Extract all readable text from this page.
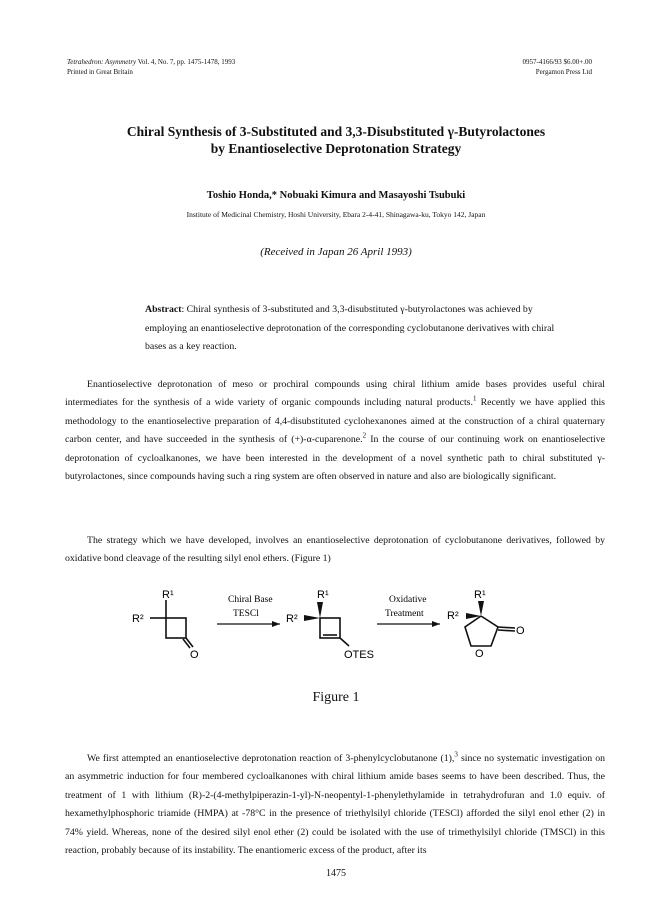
Tetrahedron: Asymmetry Vol. 4, No. 7, pp. 1475-1478, 1993
Printed in Great Britain
0957-4166/93 $6.00+.00
Pergamon Press Ltd
Chiral Synthesis of 3-Substituted and 3,3-Disubstituted γ-Butyrolactones
by Enantioselective Deprotonation Strategy
Toshio Honda,* Nobuaki Kimura and Masayoshi Tsubuki
Institute of Medicinal Chemistry, Hoshi University, Ebara 2-4-41, Shinagawa-ku, Tokyo 142, Japan
(Received in Japan 26 April 1993)
Abstract: Chiral synthesis of 3-substituted and 3,3-disubstituted γ-butyrolactones was achieved by employing an enantioselective deprotonation of the corresponding cyclobutanone derivatives with chiral bases as a key reaction.
Enantioselective deprotonation of meso or prochiral compounds using chiral lithium amide bases provides useful chiral intermediates for the synthesis of a wide variety of organic compounds including natural products.$^1$ Recently we have applied this methodology to the enantioselective preparation of 4,4-disubstituted cyclohexanones aimed at the construction of a chiral quaternary carbon center, and have succeeded in the synthesis of (+)-α-cuparenone.$^2$ In the course of our continuing work on enantioselective deprotonation of cycloalkanones, we have been interested in the development of a novel synthetic path to chiral substituted γ-butyrolactones, since compounds having such a ring system are often observed in nature and also are biologically significant.
The strategy which we have developed, involves an enantioselective deprotonation of cyclobutanone derivatives, followed by oxidative bond cleavage of the resulting silyl enol ethers. (Figure 1)
R¹
R²
O
Chiral Base
TESCl
R¹
R²
OTES
Oxidative
Treatment
R¹
R²
O
O
Figure 1
We first attempted an enantioselective deprotonation reaction of 3-phenylcyclobutanone (1),$^3$ since no systematic investigation on an asymmetric induction for four membered cycloalkanones with chiral lithium amide bases seems to have been described. Thus, the treatment of 1 with lithium (R)-2-(4-methylpiperazin-1-yl)-N-neopentyl-1-phenylethylamide in tetrahydrofuran and 1.0 equiv. of hexamethylphosphoric triamide (HMPA) at -78°C in the presence of triethylsilyl chloride (TESCl) afforded the silyl enol ether (2) in 74% yield. Whereas, none of the desired silyl enol ether (2) could be isolated with the use of trimethylsilyl chloride (TMSCl) in this reaction, probably because of its instability. The enantiomeric excess of the product, after its
1475
